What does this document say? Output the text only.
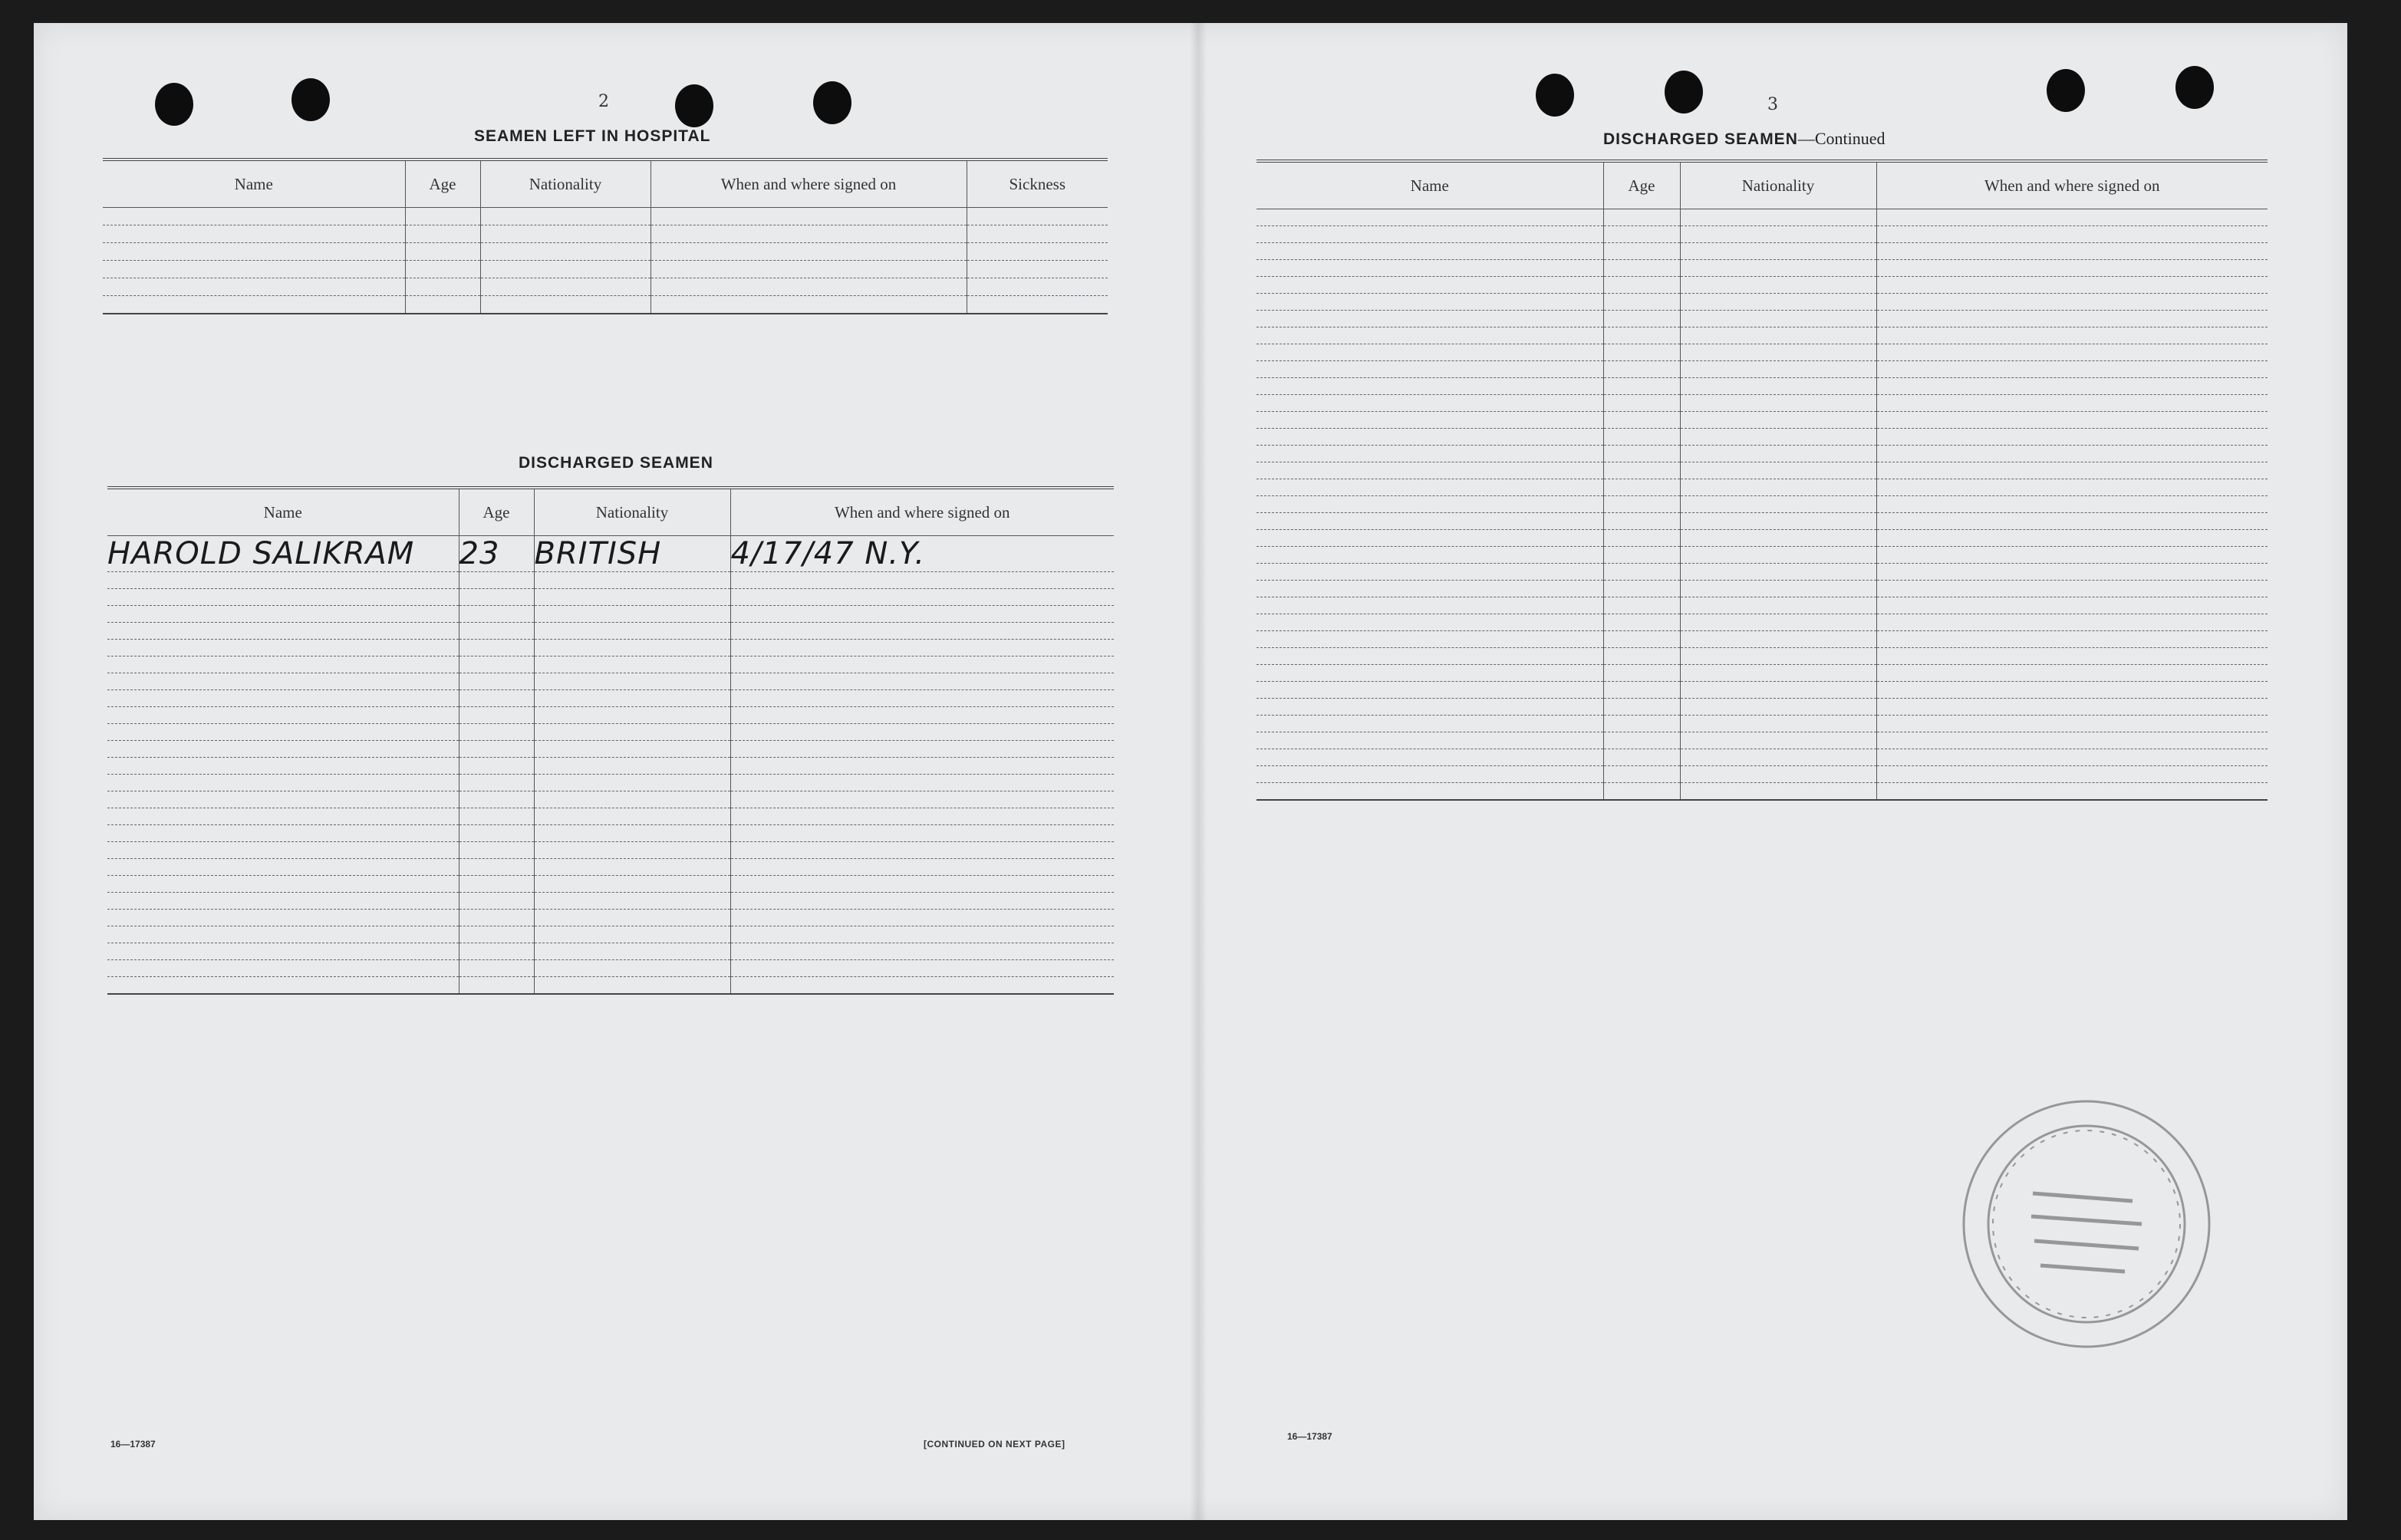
2
SEAMEN LEFT IN HOSPITAL
Name	Age	Nationality	When and where signed on	Sickness

DISCHARGED SEAMEN
Name	Age	Nationality	When and where signed on
HAROLD SALIKRAM	23	BRITISH	4/17/47 N.Y.

16—17387	[CONTINUED ON NEXT PAGE]
3
DISCHARGED SEAMEN—Continued
Name	Age	Nationality	When and where signed on

16—17387
